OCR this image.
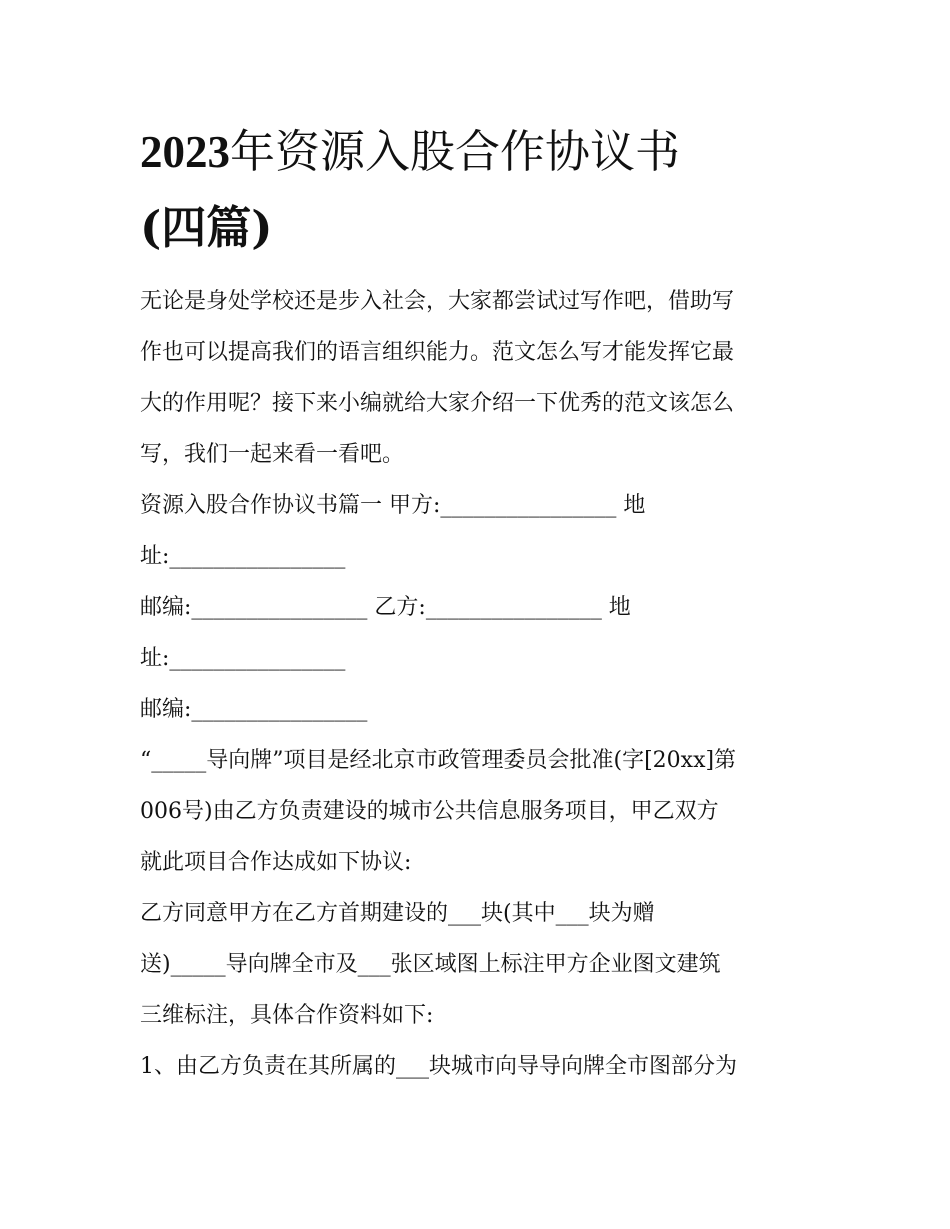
2023年资源入股合作协议书
(四篇)
无论是身处学校还是步入社会，大家都尝试过写作吧，借助写
作也可以提高我们的语言组织能力。范文怎么写才能发挥它最
大的作用呢？接下来小编就给大家介绍一下优秀的范文该怎么
写，我们一起来看一看吧。
资源入股合作协议书篇一 甲方:________________ 地
址:________________
邮编:________________ 乙方:________________ 地
址:________________
邮编:________________
“_____导向牌”项目是经北京市政管理委员会批准(字[20xx]第
006号)由乙方负责建设的城市公共信息服务项目，甲乙双方
就此项目合作达成如下协议:
乙方同意甲方在乙方首期建设的___块(其中___块为赠
送)_____导向牌全市及___张区域图上标注甲方企业图文建筑
三维标注，具体合作资料如下:
1、由乙方负责在其所属的___块城市向导导向牌全市图部分为
